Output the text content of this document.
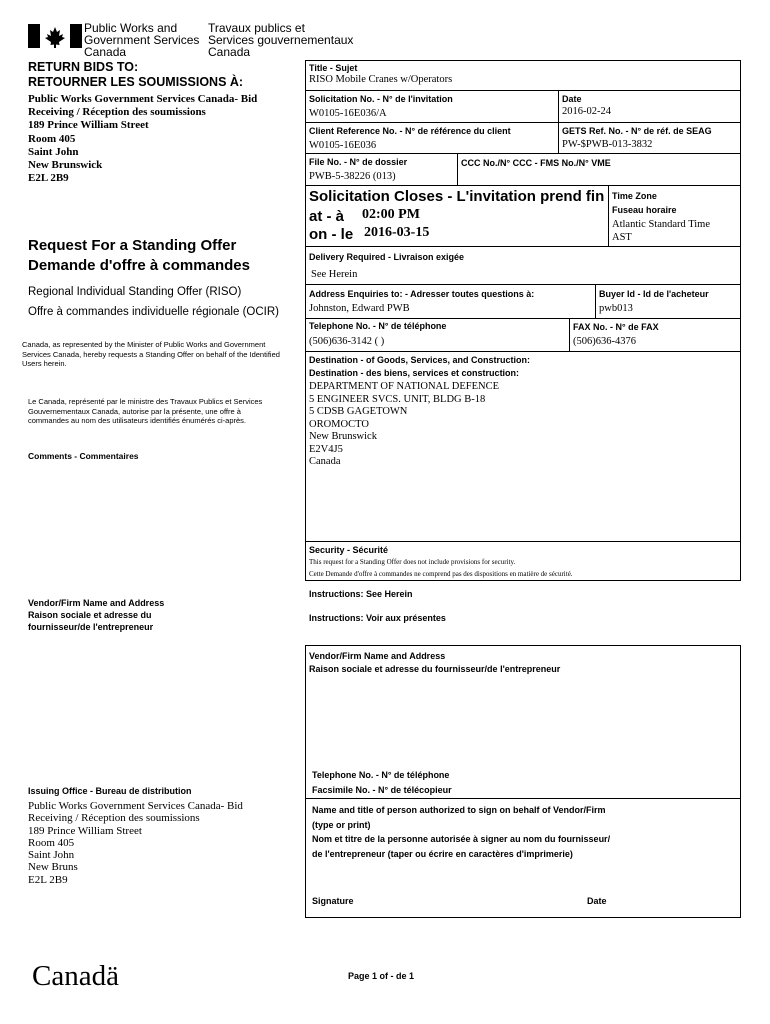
Public Works and
Government Services
Canada
Travaux publics et
Services gouvernementaux
Canada
RETURN BIDS TO:
RETOURNER LES SOUMISSIONS À:
Public Works Government Services Canada- Bid
Receiving / Réception des soumissions
189 Prince William Street
Room 405
Saint John
New Brunswick
E2L 2B9
Request For a Standing Offer
Demande d'offre à commandes
Regional Individual Standing Offer (RISO)
Offre à commandes individuelle régionale (OCIR)
Canada, as represented by the Minister of Public Works and Government Services Canada, hereby requests a Standing Offer on behalf of the Identified Users herein.
Le Canada, représenté par le ministre des Travaux Publics et Services Gouvernementaux Canada, autorise par la présente, une offre à commandes au nom des utilisateurs identifiés énumérés ci-après.
Comments - Commentaires
Vendor/Firm Name and Address
Raison sociale et adresse du
fournisseur/de l'entrepreneur
Issuing Office - Bureau de distribution
Public Works Government Services Canada- Bid
Receiving / Réception des soumissions
189 Prince William Street
Room 405
Saint John
New Bruns
E2L 2B9
Canadä
Title - Sujet
RISO Mobile Cranes w/Operators
Solicitation No. - N° de l'invitation
W0105-16E036/A
Date
2016-02-24
Client Reference No. - N° de référence du client
W0105-16E036
GETS Ref. No. - N° de réf. de SEAG
PW-$PWB-013-3832
File No. - N° de dossier
PWB-5-38226 (013)
CCC No./N° CCC - FMS No./N° VME
Solicitation Closes - L'invitation prend fin
at - à 02:00 PM
on - le 2016-03-15
Time Zone
Fuseau horaire
Atlantic Standard Time
AST
Delivery Required - Livraison exigée
See Herein
Address Enquiries to: - Adresser toutes questions à:
Johnston, Edward PWB
Buyer Id - Id de l'acheteur
pwb013
Telephone No. - N° de téléphone
(506)636-3142 ( )
FAX No. - N° de FAX
(506)636-4376
Destination - of Goods, Services, and Construction:
Destination - des biens, services et construction:
DEPARTMENT OF NATIONAL DEFENCE
5 ENGINEER SVCS. UNIT, BLDG B-18
5 CDSB GAGETOWN
OROMOCTO
New Brunswick
E2V4J5
Canada
Security - Sécurité
This request for a Standing Offer does not include provisions for security.
Cette Demande d'offre à commandes ne comprend pas des dispositions en matière de sécurité.
Instructions: See Herein
Instructions: Voir aux présentes
Vendor/Firm Name and Address
Raison sociale et adresse du fournisseur/de l'entrepreneur
Telephone No. - N° de téléphone
Facsimile No. - N° de télécopieur
Name and title of person authorized to sign on behalf of Vendor/Firm
(type or print)
Nom et titre de la personne autorisée à signer au nom du fournisseur/
de l'entrepreneur (taper ou écrire en caractères d'imprimerie)
Signature	Date
Page 1 of - de 1
